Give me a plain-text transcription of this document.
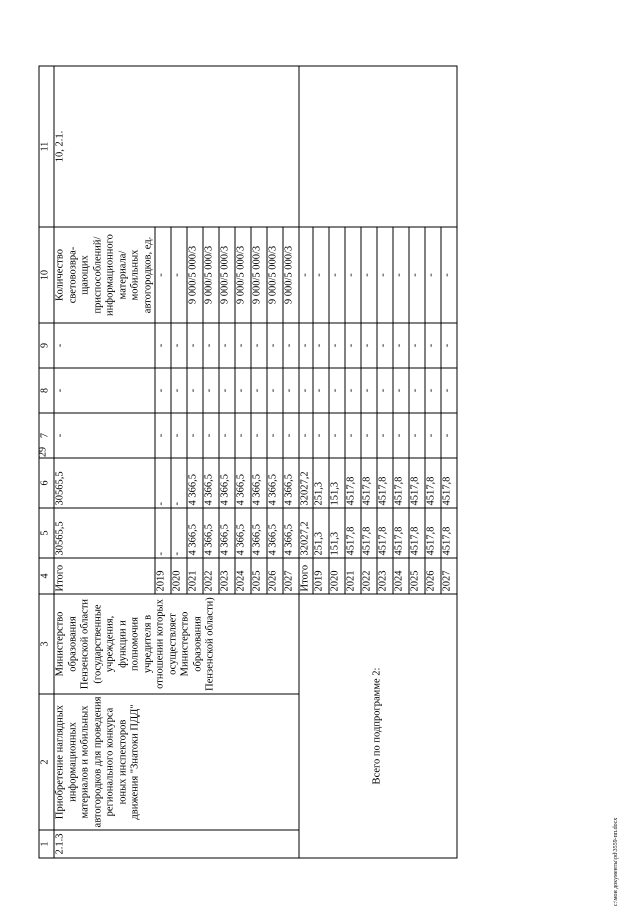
29
c:\мои документы\pd\3559-пп.docx
1	2	3	4	5	6	7	8	9	10	11
2.1.3	Приобретение наглядных информационных материалов и мобильных автогородков для проведения регионального конкурса юных инспекторов движения "Знатоки ПДД"	Министерство образования Пензенской области (государственные учреждения, функции и полномочия учредителя в отношении которых осуществляет Министерство образования Пензенской области)	Итого	30565,5	30565,5	-	-	-	Количество световозвра-щающих приспособлений/ информационного материала/ мобильных автогородков, ед.	10, 2.1.
			2019	-	-	-	-	-	-	
			2020	-	-	-	-	-	-	
			2021	4 366,5	4 366,5	-	-	-	9 000/5 000/3	
			2022	4 366,5	4 366,5	-	-	-	9 000/5 000/3	
			2023	4 366,5	4 366,5	-	-	-	9 000/5 000/3	
			2024	4 366,5	4 366,5	-	-	-	9 000/5 000/3	
			2025	4 366,5	4 366,5	-	-	-	9 000/5 000/3	
			2026	4 366,5	4 366,5	-	-	-	9 000/5 000/3	
			2027	4 366,5	4 366,5	-	-	-	9 000/5 000/3	
Всего по подпрограмме 2:			Итого	32027,2	32027,2	-	-	-	-	
			2019	251,3	251,3	-	-	-	-	
			2020	151,3	151,3	-	-	-	-	
			2021	4517,8	4517,8	-	-	-	-	
			2022	4517,8	4517,8	-	-	-	-	
			2023	4517,8	4517,8	-	-	-	-	
			2024	4517,8	4517,8	-	-	-	-	
			2025	4517,8	4517,8	-	-	-	-	
			2026	4517,8	4517,8	-	-	-	-	
			2027	4517,8	4517,8	-	-	-	-	
